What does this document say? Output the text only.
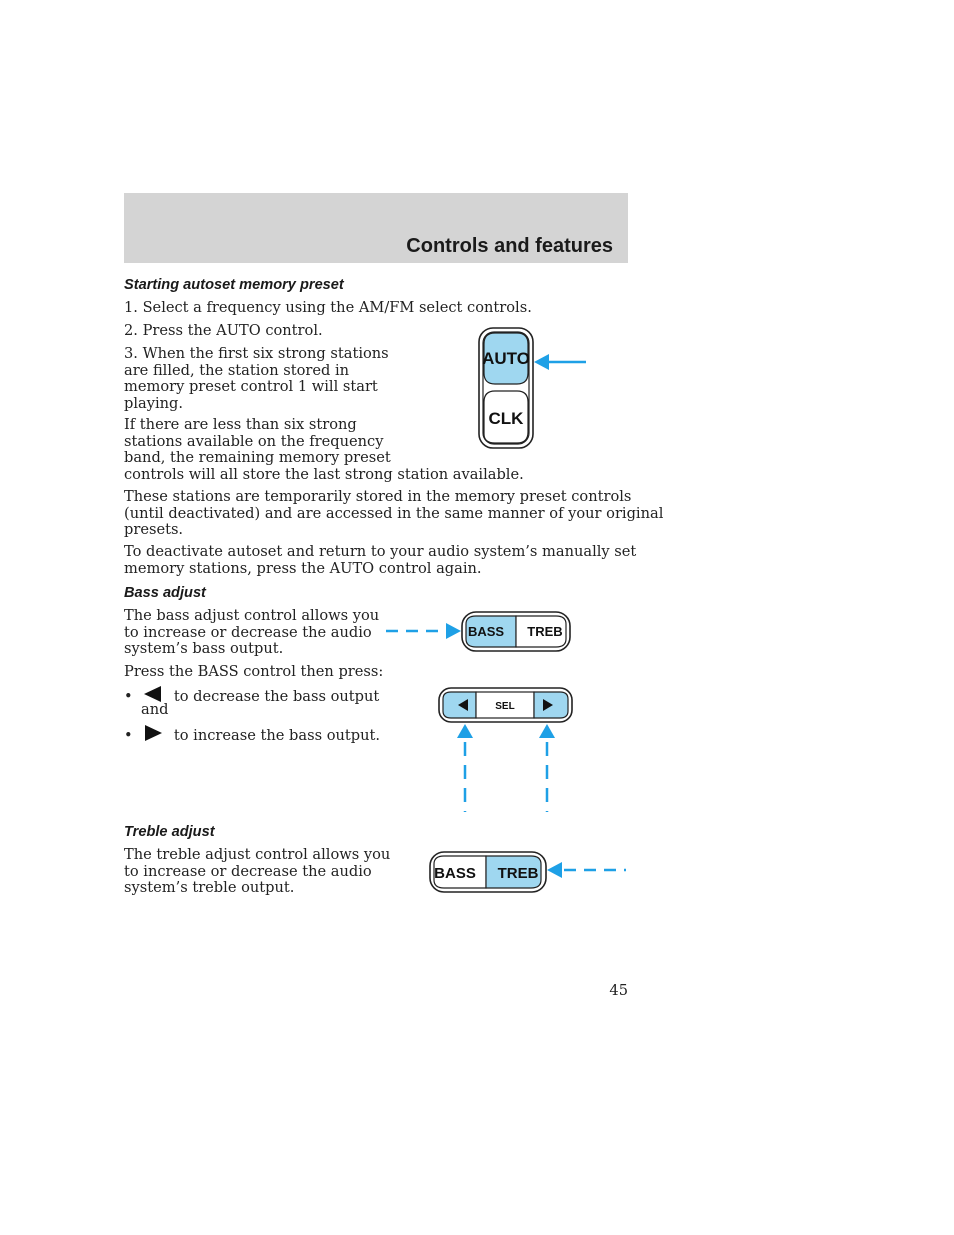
Controls and features
Starting autoset memory preset
1. Select a frequency using the AM/FM select controls.
2. Press the AUTO control.
3. When the first six strong stations
are filled, the station stored in
memory preset control 1 will start
playing.
If there are less than six strong
stations available on the frequency
band, the remaining memory preset
controls will all store the last strong station available.
These stations are temporarily stored in the memory preset controls
(until deactivated) and are accessed in the same manner of your original
presets.
To deactivate autoset and return to your audio system’s manually set
memory stations, press the AUTO control again.
AUTO
CLK
Bass adjust
The bass adjust control allows you
to increase or decrease the audio
system’s bass output.
Press the BASS control then press:
•	to decrease the bass output
and
•	to increase the bass output.
BASS TREB
SEL
Treble adjust
The treble adjust control allows you
to increase or decrease the audio
system’s treble output.
BASS TREB
45
